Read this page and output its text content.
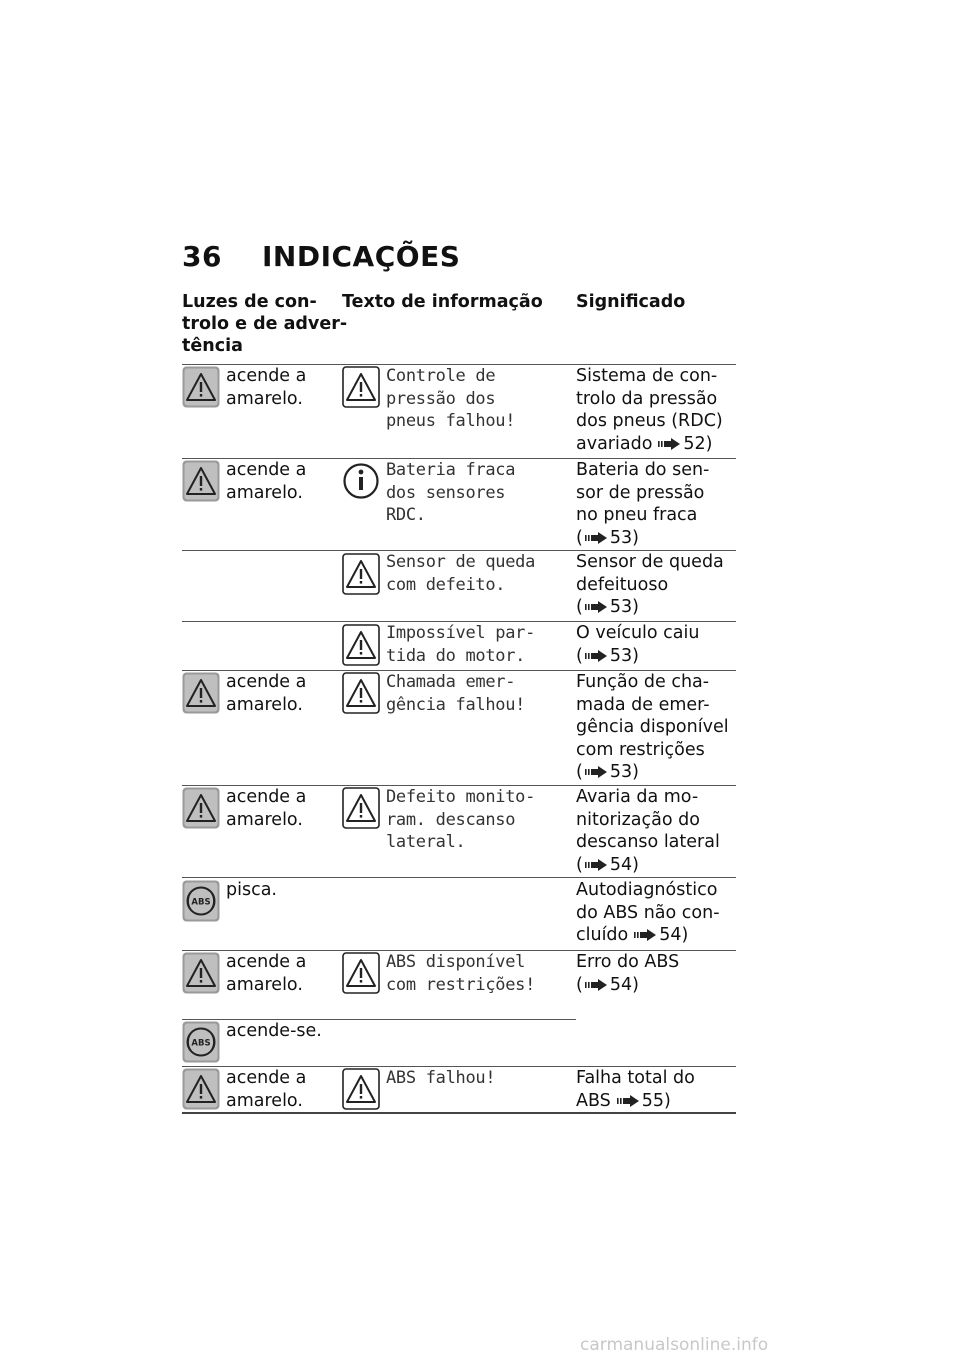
36 INDICAÇÕES
Luzes de con-
trolo e de adver-
tência
Texto de informação Significado
acende a
amarelo.
Controle de
pressão dos
pneus falhou!
Sistema de con-
trolo da pressão
dos pneus (RDC)
avariado 52)
acende a
amarelo.
Bateria fraca
dos sensores
RDC.
Bateria do sen-
sor de pressão
no pneu fraca
( 53)
Sensor de queda
com defeito.
Sensor de queda
defeituoso
( 53)
Impossível par-
tida do motor.
O veículo caiu
( 53)
acende a
amarelo.
Chamada emer-
gência falhou!
Função de cha-
mada de emer-
gência disponível
com restrições
( 53)
acende a
amarelo.
Defeito monito-
ram. descanso
lateral.
Avaria da mo-
nitorização do
descanso lateral
( 54)
ABS
pisca.	Autodiagnóstico
do ABS não con-
cluído 54)
acende a
amarelo.
ABS disponível
com restrições!
Erro do ABS
( 54)
ABS
acende-se.
acende a
amarelo.
ABS falhou!	Falha total do
ABS 55)
carmanualsonline.info
